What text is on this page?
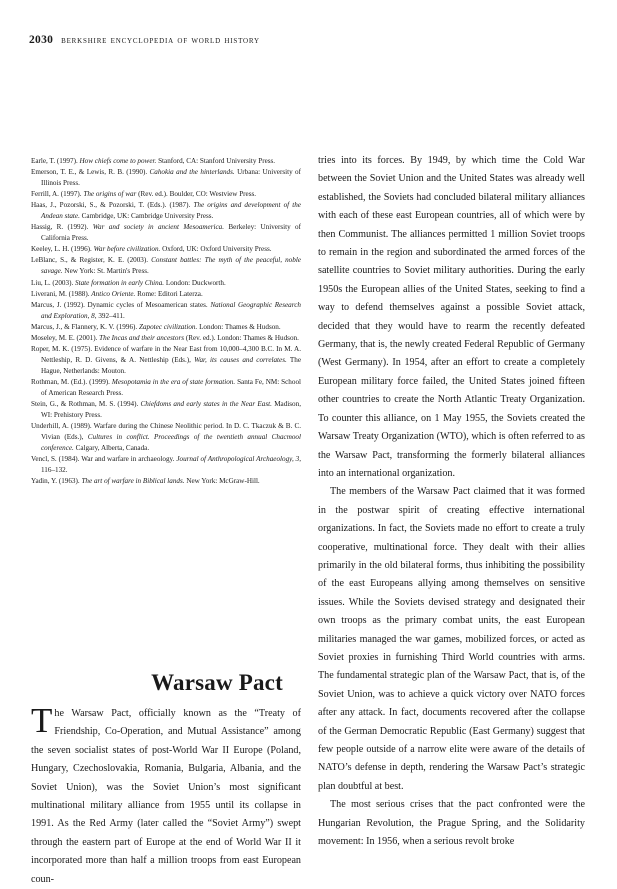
2030 berkshire encyclopedia of world history

Earle, T. (1997). How chiefs come to power. Stanford, CA: Stanford University Press.

Emerson, T. E., & Lewis, R. B. (1990). Cahokia and the hinterlands. Urbana: University of Illinois Press.

Ferrill, A. (1997). The origins of war (Rev. ed.). Boulder, CO: Westview Press.

Haas, J., Pozorski, S., & Pozorski, T. (Eds.). (1987). The origins and development of the Andean state. Cambridge, UK: Cambridge University Press.

Hassig, R. (1992). War and society in ancient Mesoamerica. Berkeley: University of California Press.

Keeley, L. H. (1996). War before civilization. Oxford, UK: Oxford University Press.

LeBlanc, S., & Register, K. E. (2003). Constant battles: The myth of the peaceful, noble savage. New York: St. Martin's Press.

Liu, L. (2003). State formation in early China. London: Duckworth.

Liverani, M. (1988). Antico Oriente. Rome: Editori Laterza.

Marcus, J. (1992). Dynamic cycles of Mesoamerican states. National Geographic Research and Exploration, 8, 392–411.

Marcus, J., & Flannery, K. V. (1996). Zapotec civilization. London: Thames & Hudson.

Moseley, M. E. (2001). The Incas and their ancestors (Rev. ed.). London: Thames & Hudson.

Roper, M. K. (1975). Evidence of warfare in the Near East from 10,000–4,300 B.C. In M. A. Nettleship, R. D. Givens, & A. Nettleship (Eds.), War, its causes and correlates. The Hague, Netherlands: Mouton.

Rothman, M. (Ed.). (1999). Mesopotamia in the era of state formation. Santa Fe, NM: School of American Research Press.

Stein, G., & Rothman, M. S. (1994). Chiefdoms and early states in the Near East. Madison, WI: Prehistory Press.

Underhill, A. (1989). Warfare during the Chinese Neolithic period. In D. C. Tkaczuk & B. C. Vivian (Eds.), Cultures in conflict. Proceedings of the twentieth annual Chacmool conference. Calgary, Alberta, Canada.

Vencl, S. (1984). War and warfare in archaeology. Journal of Anthropological Archaeology, 3, 116–132.

Yadin, Y. (1963). The art of warfare in Biblical lands. New York: McGraw-Hill.

Warsaw Pact

The Warsaw Pact, officially known as the “Treaty of Friendship, Co-Operation, and Mutual Assistance” among the seven socialist states of post-World War II Europe (Poland, Hungary, Czechoslovakia, Romania, Bulgaria, Albania, and the Soviet Union), was the Soviet Union’s most significant multinational military alliance from 1955 until its collapse in 1991. As the Red Army (later called the “Soviet Army”) swept through the eastern part of Europe at the end of World War II it incorporated more than half a million troops from east European coun-

tries into its forces. By 1949, by which time the Cold War between the Soviet Union and the United States was already well established, the Soviets had concluded bilateral military alliances with each of these east European countries, all of which were by then Communist. The alliances permitted 1 million Soviet troops to remain in the region and subordinated the armed forces of the satellite countries to Soviet military authorities. During the early 1950s the European allies of the United States, seeking to find a way to defend themselves against a possible Soviet attack, decided that they would have to rearm the recently defeated Germany, that is, the newly created Federal Republic of Germany (West Germany). In 1954, after an effort to create a completely European military force failed, the United States joined fifteen other countries to create the North Atlantic Treaty Organization. To counter this alliance, on 1 May 1955, the Soviets created the Warsaw Treaty Organization (WTO), which is often referred to as the Warsaw Pact, transforming the formerly bilateral alliances into an international organization.

The members of the Warsaw Pact claimed that it was formed in the postwar spirit of creating effective international organizations. In fact, the Soviets made no effort to create a truly cooperative, multinational force. They dealt with their allies primarily in the old bilateral forms, thus inhibiting the possibility of the east Europeans allying among themselves on sensitive issues. While the Soviets devised strategy and designated their own troops as the primary combat units, the east European militaries managed the war games, mobilized forces, or acted as Soviet proxies in furnishing Third World countries with arms. The fundamental strategic plan of the Warsaw Pact, that is, of the Soviet Union, was to achieve a quick victory over NATO forces after any attack. In fact, documents recovered after the collapse of the German Democratic Republic (East Germany) suggest that few people outside of a narrow elite were aware of the details of NATO’s defense in depth, rendering the Warsaw Pact’s strategic plan doubtful at best.

The most serious crises that the pact confronted were the Hungarian Revolution, the Prague Spring, and the Solidarity movement: In 1956, when a serious revolt broke
